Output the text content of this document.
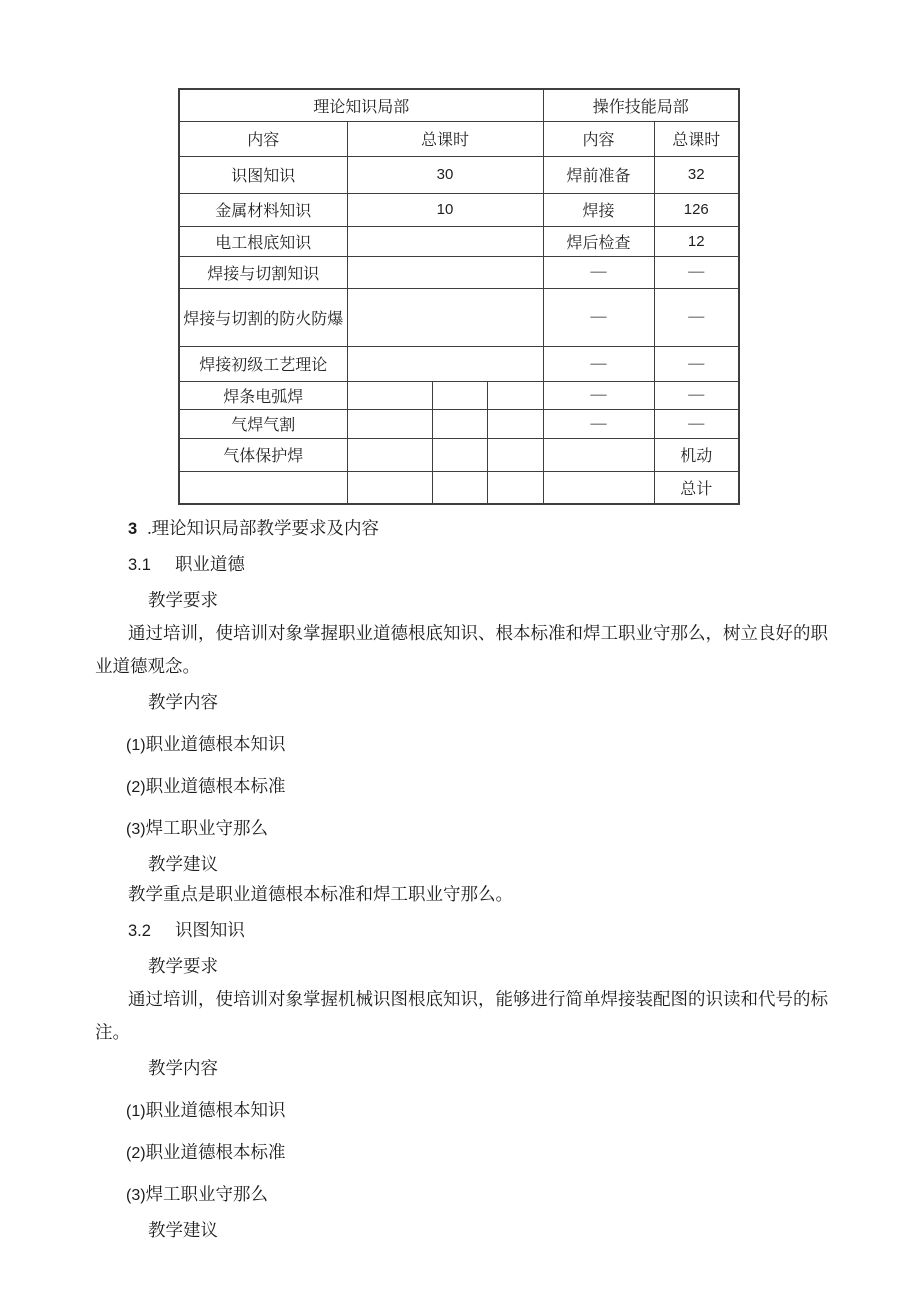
理论知识局部				操作技能局部	
内容	总课时			内容	总课时
识图知识	30			焊前准备	32
金属材料知识	10			焊接	126
电工根底知识				焊后检查	12
焊接与切割知识				—	—
焊接与切割的防火防爆				—	—
焊接初级工艺理论				—	—
焊条电弧焊				—	—
气焊气割				—	—
气体保护焊					机动
					总计
3 .理论知识局部教学要求及内容
3.1 职业道德
教学要求
通过培训，使培训对象掌握职业道德根底知识、根本标准和焊工职业守那么，树立良好的职
业道德观念。
教学内容
(1)职业道德根本知识
(2)职业道德根本标准
(3)焊工职业守那么
教学建议
教学重点是职业道德根本标准和焊工职业守那么。
3.2 识图知识
教学要求
通过培训，使培训对象掌握机械识图根底知识，能够进行简单焊接装配图的识读和代号的标
注。
教学内容
(1)职业道德根本知识
(2)职业道德根本标准
(3)焊工职业守那么
教学建议
